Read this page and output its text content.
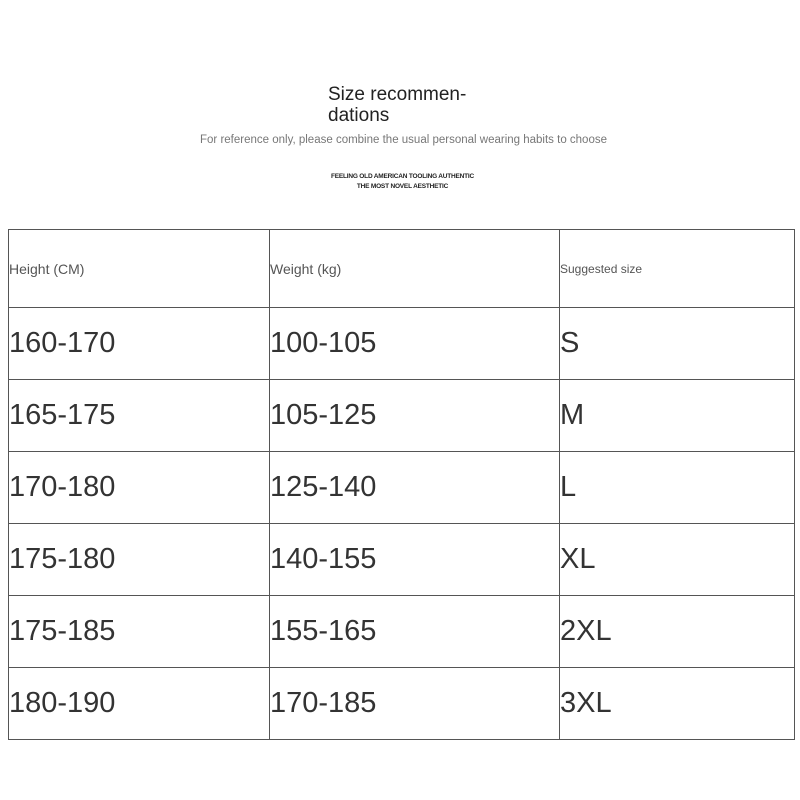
Size recommen-
dations
For reference only, please combine the usual personal wearing habits to choose
FEELING OLD AMERICAN TOOLING AUTHENTIC
THE MOST NOVEL AESTHETIC
Height (CM)	Weight (kg)	Suggested size
160-170	100-105	S
165-175	105-125	M
170-180	125-140	L
175-180	140-155	XL
175-185	155-165	2XL
180-190	170-185	3XL
